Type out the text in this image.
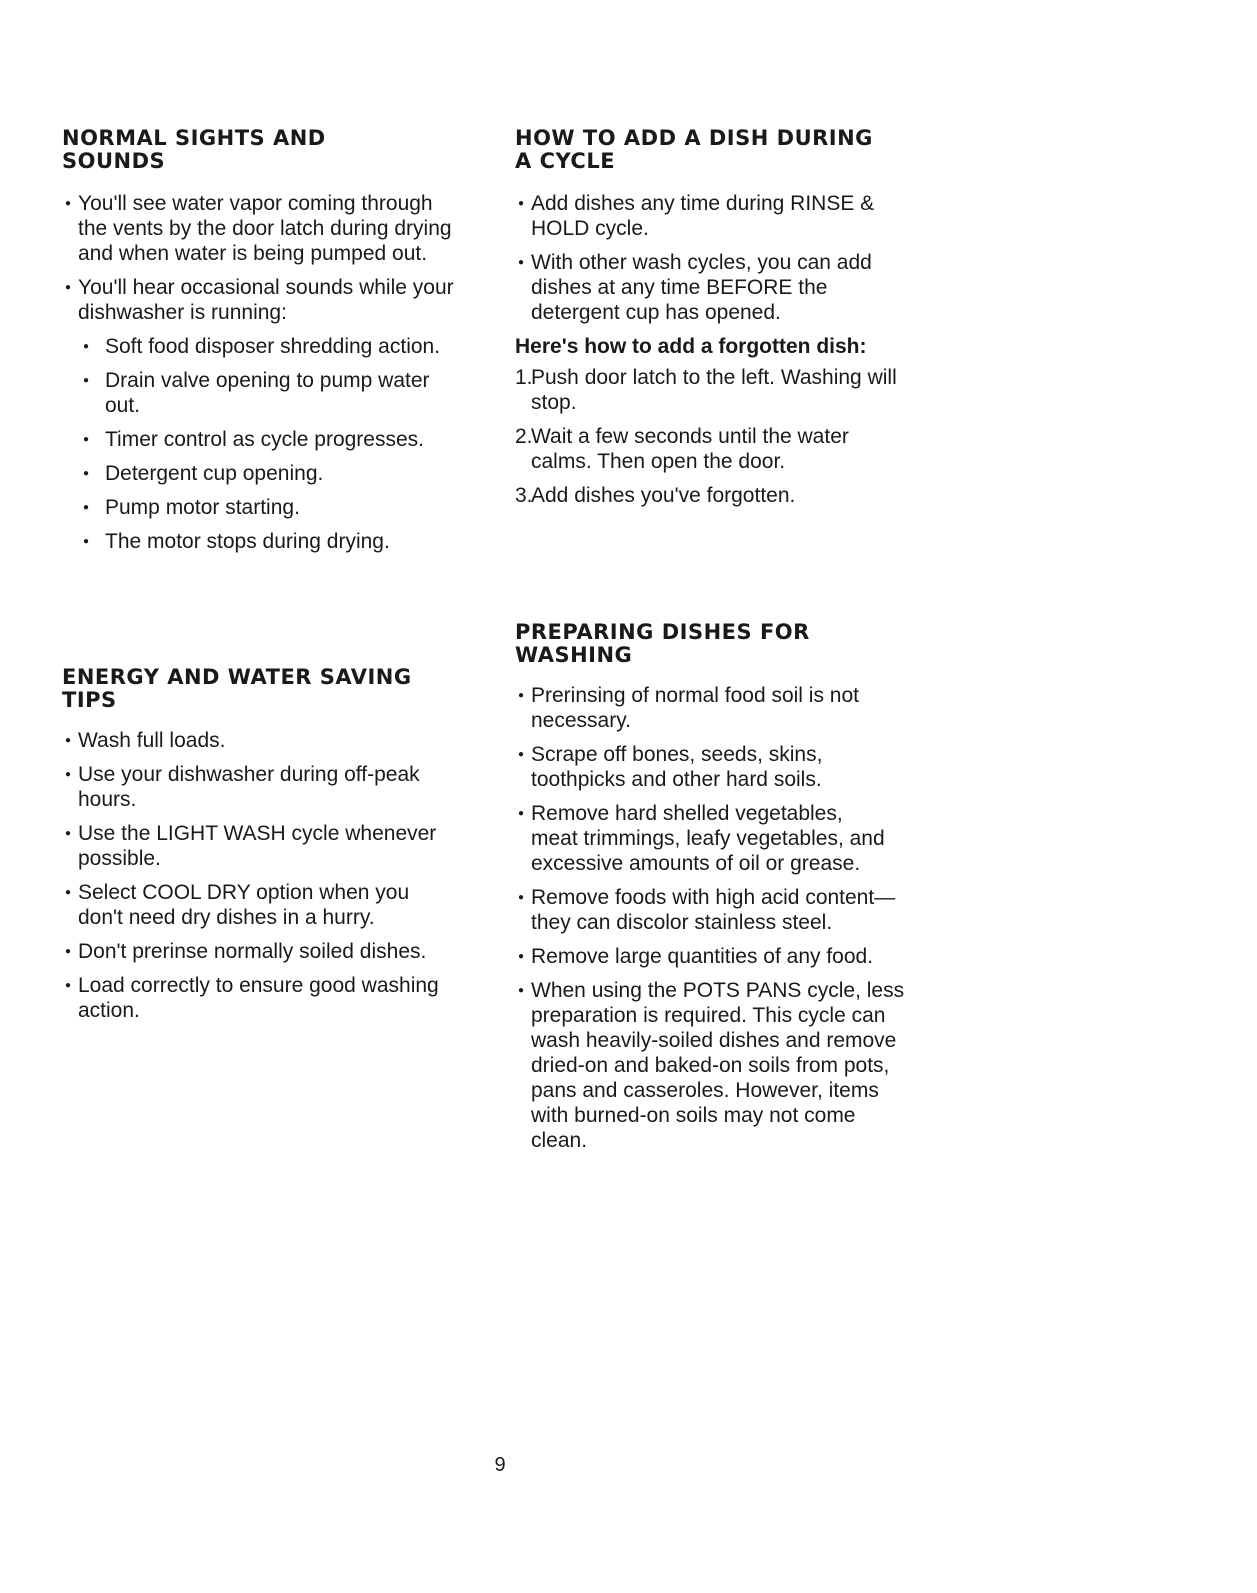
NORMAL SIGHTS AND
SOUNDS
● You'll see water vapor coming through
the vents by the door latch during drying
and when water is being pumped out.
● You'll hear occasional sounds while your
dishwasher is running:
● Soft food disposer shredding action.
● Drain valve opening to pump water
out.
● Timer control as cycle progresses.
● Detergent cup opening.
● Pump motor starting.
● The motor stops during drying.
HOW TO ADD A DISH DURING
A CYCLE
● Add dishes any time during RINSE &
HOLD cycle.
● With other wash cycles, you can add
dishes at any time BEFORE the
detergent cup has opened.
Here's how to add a forgotten dish:
1.
Push door latch to the left. Washing will
stop.
2.
Wait a few seconds until the water
calms. Then open the door.
3.
Add dishes you've forgotten.
ENERGY AND WATER SAVING
TIPS
● Wash full loads.
● Use your dishwasher during off-peak
hours.
● Use the LIGHT WASH cycle whenever
possible.
● Select COOL DRY option when you
don't need dry dishes in a hurry.
● Don't prerinse normally soiled dishes.
● Load correctly to ensure good washing
action.
PREPARING DISHES FOR
WASHING
● Prerinsing of normal food soil is not
necessary.
● Scrape off bones, seeds, skins,
toothpicks and other hard soils.
● Remove hard shelled vegetables,
meat trimmings, leafy vegetables, and
excessive amounts of oil or grease.
● Remove foods with high acid content—
they can discolor stainless steel.
● Remove large quantities of any food.
● When using the POTS PANS cycle, less
preparation is required. This cycle can
wash heavily-soiled dishes and remove
dried-on and baked-on soils from pots,
pans and casseroles. However, items
with burned-on soils may not come
clean.
9
